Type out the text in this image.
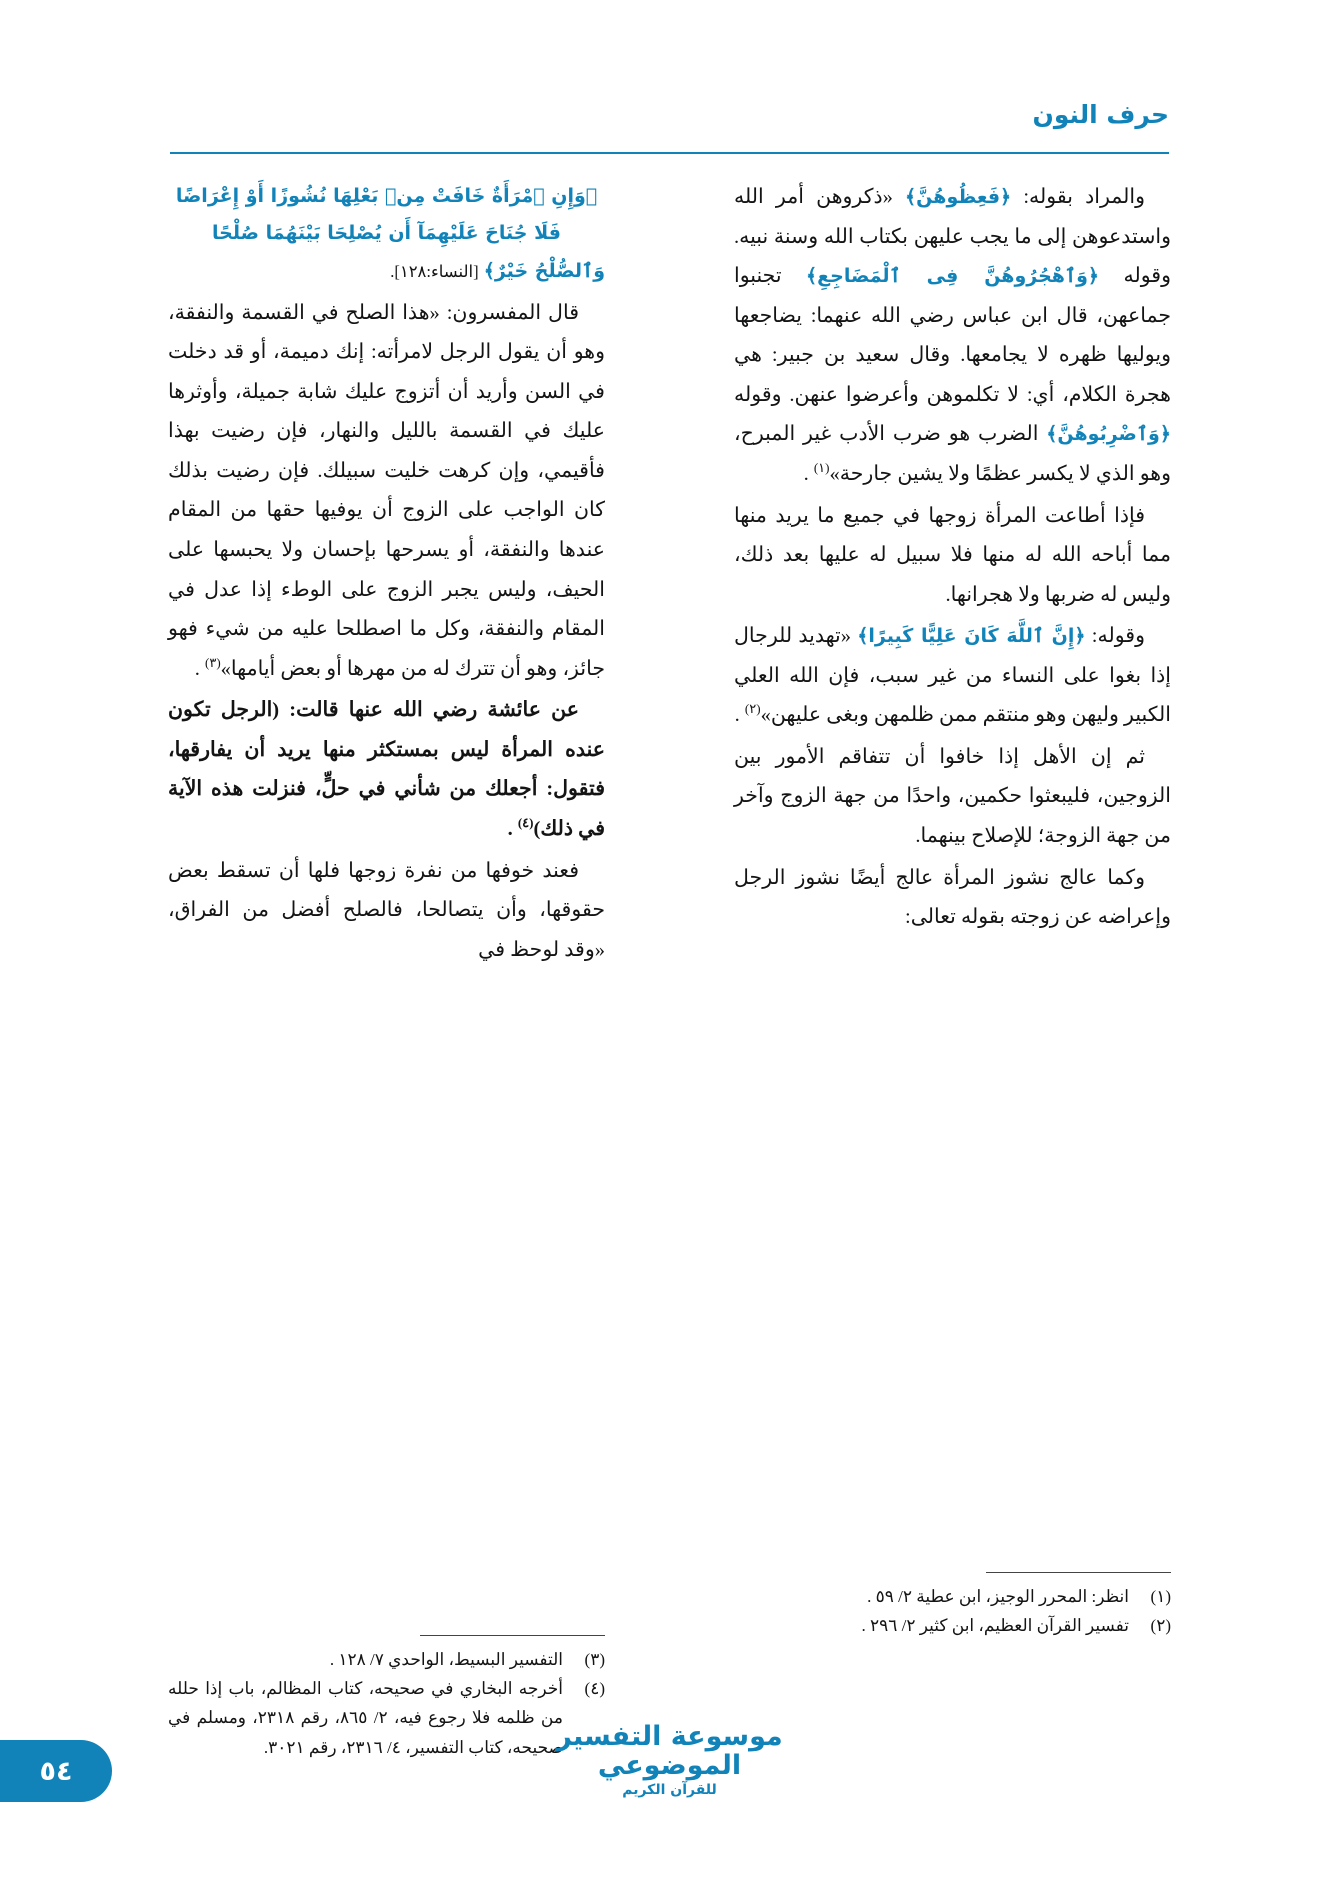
حرف النون

والمراد بقوله: ﴿فَعِظُوهُنَّ﴾ «ذكروهن أمر الله واستدعوهن إلى ما يجب عليهن بكتاب الله وسنة نبيه. وقوله ﴿وَٱهْجُرُوهُنَّ فِى ٱلْمَضَاجِعِ﴾ تجنبوا جماعهن، قال ابن عباس رضي الله عنهما: يضاجعها ويوليها ظهره لا يجامعها. وقال سعيد بن جبير: هي هجرة الكلام، أي: لا تكلموهن وأعرضوا عنهن. وقوله ﴿وَٱضْرِبُوهُنَّ﴾ الضرب هو ضرب الأدب غير المبرح، وهو الذي لا يكسر عظمًا ولا يشين جارحة»$^{(١)}$ .

فإذا أطاعت المرأة زوجها في جميع ما يريد منها مما أباحه الله له منها فلا سبيل له عليها بعد ذلك، وليس له ضربها ولا هجرانها.

وقوله: ﴿إِنَّ ٱللَّهَ كَانَ عَلِيًّا كَبِيرًا﴾ «تهديد للرجال إذا بغوا على النساء من غير سبب، فإن الله العلي الكبير وليهن وهو منتقم ممن ظلمهن وبغى عليهن»$^{(٢)}$ .

ثم إن الأهل إذا خافوا أن تتفاقم الأمور بين الزوجين، فليبعثوا حكمين، واحدًا من جهة الزوج وآخر من جهة الزوجة؛ للإصلاح بينهما.

وكما عالج نشوز المرأة عالج أيضًا نشوز الرجل وإعراضه عن زوجته بقوله تعالى:

﴿وَإِنِ ٱمْرَأَةٌ خَافَتْ مِنۢ بَعْلِهَا نُشُوزًا أَوْ إِعْرَاضًا
فَلَا جُنَاحَ عَلَيْهِمَآ أَن يُصْلِحَا بَيْنَهُمَا صُلْحًا
وَٱلصُّلْحُ خَيْرٌ﴾ [النساء:١٢٨].

قال المفسرون: «هذا الصلح في القسمة والنفقة، وهو أن يقول الرجل لامرأته: إنك دميمة، أو قد دخلت في السن وأريد أن أتزوج عليك شابة جميلة، وأوثرها عليك في القسمة بالليل والنهار، فإن رضيت بهذا فأقيمي، وإن كرهت خليت سبيلك. فإن رضيت بذلك كان الواجب على الزوج أن يوفيها حقها من المقام عندها والنفقة، أو يسرحها بإحسان ولا يحبسها على الحيف، وليس يجبر الزوج على الوطء إذا عدل في المقام والنفقة، وكل ما اصطلحا عليه من شيء فهو جائز، وهو أن تترك له من مهرها أو بعض أيامها»$^{(٣)}$ .

عن عائشة رضي الله عنها قالت: (الرجل تكون عنده المرأة ليس بمستكثر منها يريد أن يفارقها، فتقول: أجعلك من شأني في حلٍّ، فنزلت هذه الآية في ذلك)$^{(٤)}$ .

فعند خوفها من نفرة زوجها فلها أن تسقط بعض حقوقها، وأن يتصالحا، فالصلح أفضل من الفراق، «وقد لوحظ في

(١)
انظر: المحرر الوجيز، ابن عطية ٢/ ٥٩ .
(٢)
تفسير القرآن العظيم، ابن كثير ٢/ ٢٩٦ .
(٣)
التفسير البسيط، الواحدي ٧/ ١٢٨ .
(٤)
أخرجه البخاري في صحيحه، كتاب المظالم، باب إذا حلله من ظلمه فلا رجوع فيه، ٢/ ٨٦٥، رقم ٢٣١٨، ومسلم في صحيحه، كتاب التفسير، ٤/ ٢٣١٦، رقم ٣٠٢١.
موسوعة التفسير الموضوعي
للقرآن الكريم
٥٤
